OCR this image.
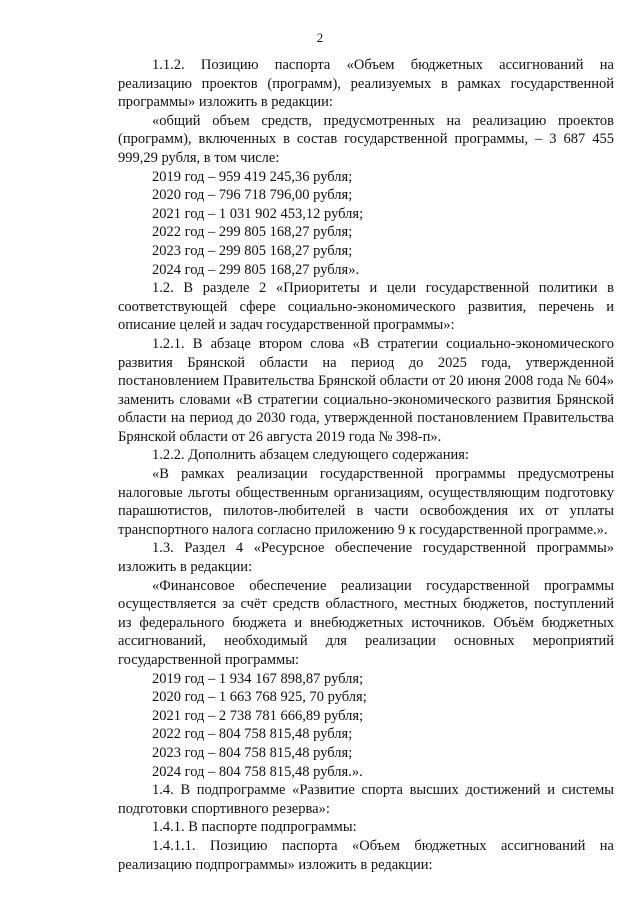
2

1.1.2. Позицию паспорта «Объем бюджетных ассигнований на реализацию проектов (программ), реализуемых в рамках государственной программы» изложить в редакции:

«общий объем средств, предусмотренных на реализацию проектов (программ), включенных в состав государственной программы, – 3 687 455 999,29 рубля, в том числе:

2019 год – 959 419 245,36 рубля;
2020 год – 796 718 796,00 рубля;
2021 год – 1 031 902 453,12 рубля;
2022 год – 299 805 168,27 рубля;
2023 год – 299 805 168,27 рубля;
2024 год – 299 805 168,27 рубля».

1.2. В разделе 2 «Приоритеты и цели государственной политики в соответствующей сфере социально-экономического развития, перечень и описание целей и задач государственной программы»:

1.2.1. В абзаце втором слова «В стратегии социально-экономического развития Брянской области на период до 2025 года, утвержденной постановлением Правительства Брянской области от 20 июня 2008 года № 604» заменить словами «В стратегии социально-экономического развития Брянской области на период до 2030 года, утвержденной постановлением Правительства Брянской области от 26 августа 2019 года № 398-п».

1.2.2. Дополнить абзацем следующего содержания:

«В рамках реализации государственной программы предусмотрены налоговые льготы общественным организациям, осуществляющим подготовку парашютистов, пилотов-любителей в части освобождения их от уплаты транспортного налога согласно приложению 9 к государственной программе.».

1.3. Раздел 4 «Ресурсное обеспечение государственной программы» изложить в редакции:

«Финансовое обеспечение реализации государственной программы осуществляется за счёт средств областного, местных бюджетов, поступлений из федерального бюджета и внебюджетных источников. Объём бюджетных ассигнований, необходимый для реализации основных мероприятий государственной программы:

2019 год – 1 934 167 898,87 рубля;
2020 год – 1 663 768 925, 70 рубля;
2021 год – 2 738 781 666,89 рубля;
2022 год – 804 758 815,48 рубля;
2023 год – 804 758 815,48 рубля;
2024 год – 804 758 815,48 рубля.».

1.4. В подпрограмме «Развитие спорта высших достижений и системы подготовки спортивного резерва»:

1.4.1. В паспорте подпрограммы:

1.4.1.1. Позицию паспорта «Объем бюджетных ассигнований на реализацию подпрограммы» изложить в редакции:
